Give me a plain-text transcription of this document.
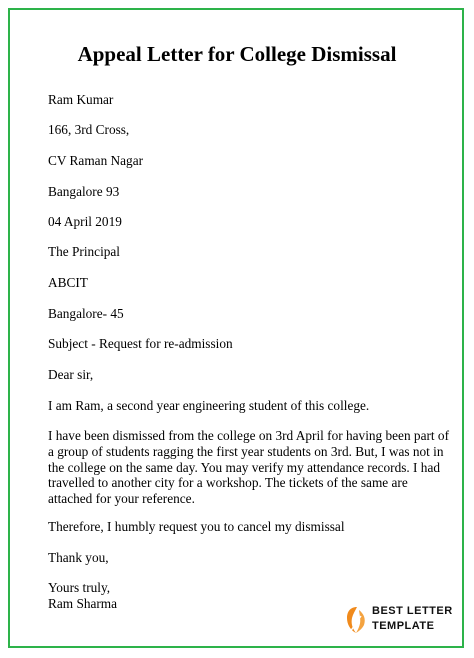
Appeal Letter for College Dismissal

Ram Kumar

166, 3rd Cross,

CV Raman Nagar

Bangalore 93

04 April 2019

The Principal

ABCIT

Bangalore- 45

Subject - Request for re-admission

Dear sir,

I am Ram, a second year engineering student of this college.

I have been dismissed from the college on 3rd April for having been part of
a group of students ragging the first year students on 3rd. But, I was not in
the college on the same day. You may verify my attendance records. I had
travelled to another city for a workshop. The tickets of the same are
attached for your reference.

Therefore, I humbly request you to cancel my dismissal

Thank you,

Yours truly,

Ram Sharma	BEST LETTER
TEMPLATE
